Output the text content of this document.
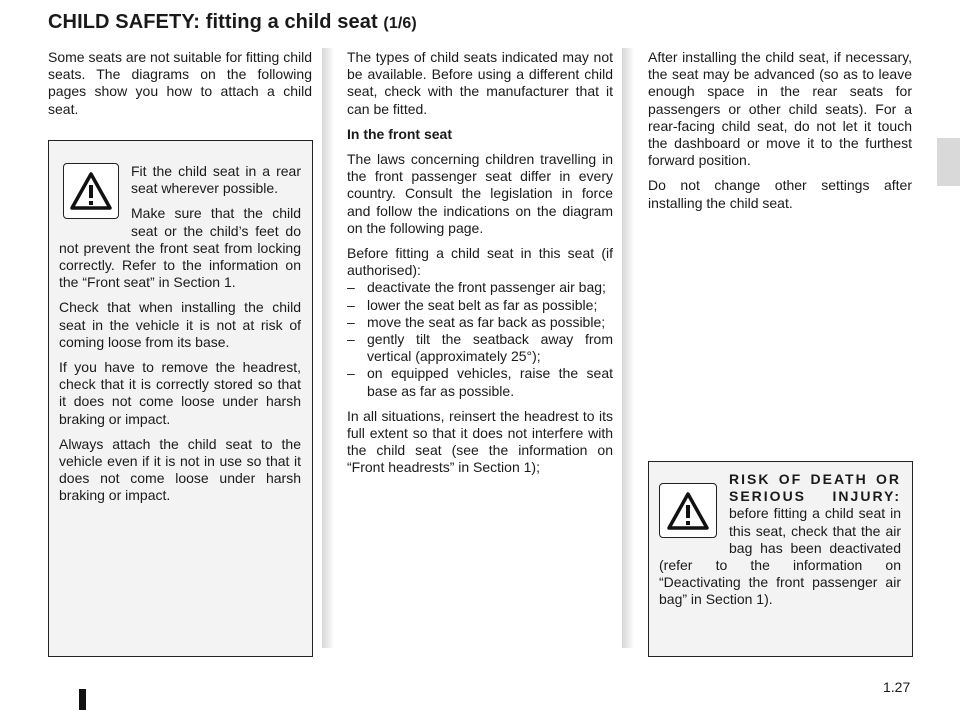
CHILD SAFETY: fitting a child seat (1/6)

Some seats are not suitable for fitting child seats. The diagrams on the following pages show you how to attach a child seat.

Fit the child seat in a rear seat wherever possible.

Make sure that the child seat or the child’s feet do not prevent the front seat from locking correctly. Refer to the information on the “Front seat” in Section 1.

Check that when installing the child seat in the vehicle it is not at risk of coming loose from its base.

If you have to remove the headrest, check that it is correctly stored so that it does not come loose under harsh braking or impact.

Always attach the child seat to the vehicle even if it is not in use so that it does not come loose under harsh braking or impact.

The types of child seats indicated may not be available. Before using a different child seat, check with the manufacturer that it can be fitted.

In the front seat

The laws concerning children travelling in the front passenger seat differ in every country. Consult the legislation in force and follow the indications on the diagram on the following page.

Before fitting a child seat in this seat (if authorised):

– deactivate the front passenger air bag;
– lower the seat belt as far as possible;
– move the seat as far back as possible;
– gently tilt the seatback away from vertical (approximately 25°);
– on equipped vehicles, raise the seat base as far as possible.

In all situations, reinsert the headrest to its full extent so that it does not interfere with the child seat (see the information on “Front headrests” in Section 1);

After installing the child seat, if necessary, the seat may be advanced (so as to leave enough space in the rear seats for passengers or other child seats). For a rear-facing child seat, do not let it touch the dashboard or move it to the furthest forward position.

Do not change other settings after installing the child seat.

RISK OF DEATH OR SERIOUS INJURY: before fitting a child seat in this seat, check that the air bag has been deactivated (refer to the information on “Deactivating the front passenger air bag” in Section 1).

1.27
